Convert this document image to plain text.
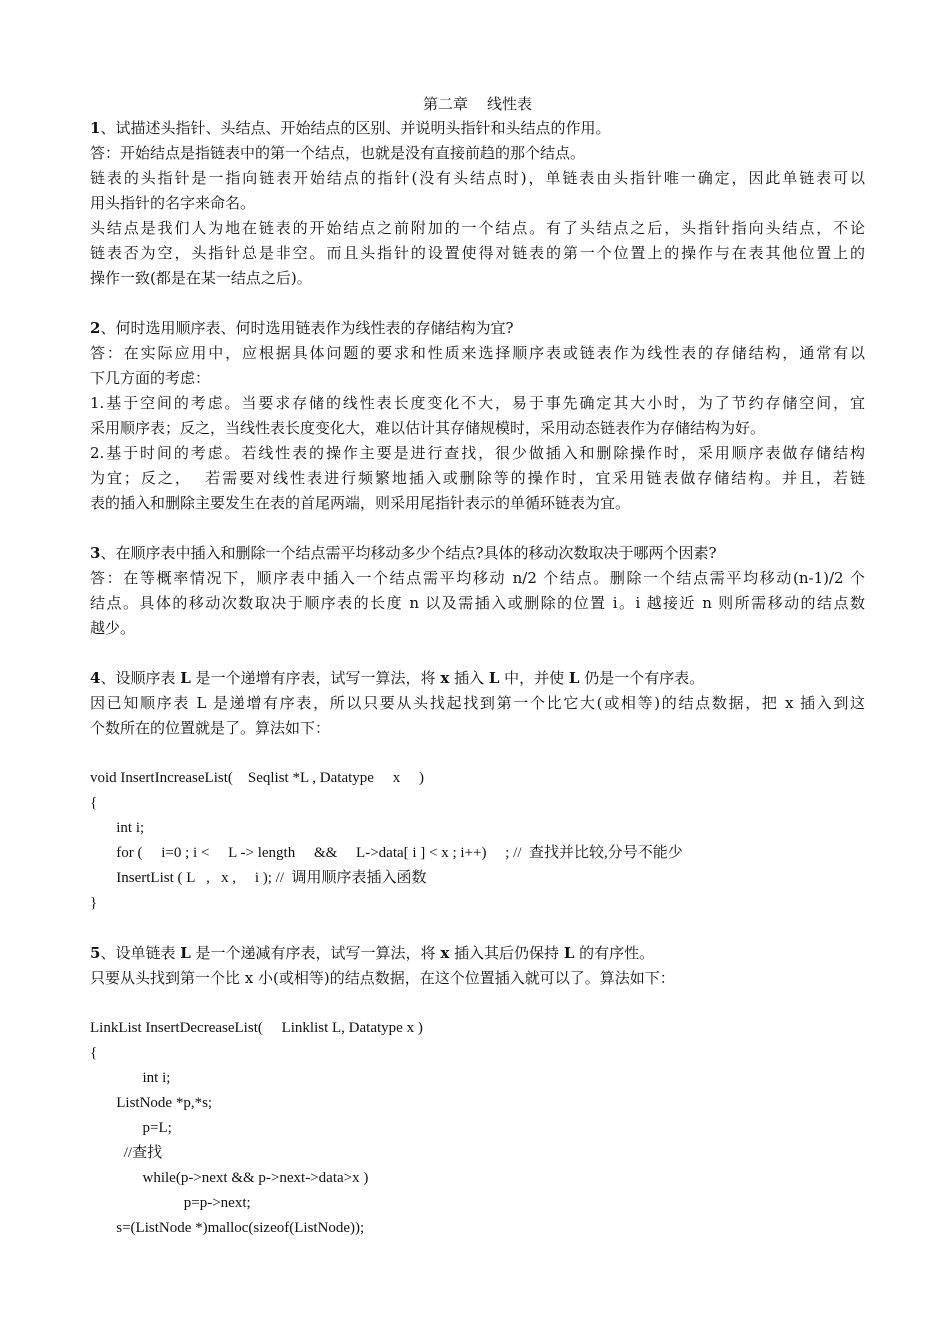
第二章    线性表
1、试描述头指针、头结点、开始结点的区别、并说明头指针和头结点的作用。
答：开始结点是指链表中的第一个结点，也就是没有直接前趋的那个结点。
链表的头指针是一指向链表开始结点的指针(没有头结点时)，单链表由头指针唯一确定，因此单链表可以
用头指针的名字来命名。
头结点是我们人为地在链表的开始结点之前附加的一个结点。有了头结点之后，头指针指向头结点，不论
链表否为空，头指针总是非空。而且头指针的设置使得对链表的第一个位置上的操作与在表其他位置上的
操作一致(都是在某一结点之后)。
2、何时选用顺序表、何时选用链表作为线性表的存储结构为宜?
答：在实际应用中，应根据具体问题的要求和性质来选择顺序表或链表作为线性表的存储结构，通常有以
下几方面的考虑：
1.基于空间的考虑。当要求存储的线性表长度变化不大，易于事先确定其大小时，为了节约存储空间，宜
采用顺序表；反之，当线性表长度变化大，难以估计其存储规模时，采用动态链表作为存储结构为好。
2.基于时间的考虑。若线性表的操作主要是进行查找，很少做插入和删除操作时，采用顺序表做存储结构
为宜；反之，  若需要对线性表进行频繁地插入或删除等的操作时，宜采用链表做存储结构。并且，若链
表的插入和删除主要发生在表的首尾两端，则采用尾指针表示的单循环链表为宜。
3、在顺序表中插入和删除一个结点需平均移动多少个结点?具体的移动次数取决于哪两个因素?
答：在等概率情况下，顺序表中插入一个结点需平均移动 n/2 个结点。删除一个结点需平均移动(n-1)/2 个
结点。具体的移动次数取决于顺序表的长度 n 以及需插入或删除的位置 i。i 越接近 n 则所需移动的结点数
越少。
4、设顺序表 L 是一个递增有序表，试写一算法，将 x 插入 L 中，并使 L 仍是一个有序表。
因已知顺序表 L 是递增有序表，所以只要从头找起找到第一个比它大(或相等)的结点数据，把 x 插入到这
个数所在的位置就是了。算法如下：
void InsertIncreaseList(    Seqlist *L , Datatype     x     )
{
int i;
for (     i=0 ; i <     L -> length     &&     L->data[ i ] < x ; i++)     ; //  查找并比较,分号不能少
InsertList ( L   ,   x ,     i ); //  调用顺序表插入函数
}
5、设单链表 L 是一个递减有序表，试写一算法，将 x 插入其后仍保持 L 的有序性。
只要从头找到第一个比 x 小(或相等)的结点数据，在这个位置插入就可以了。算法如下：
LinkList InsertDecreaseList(     Linklist L, Datatype x )
{
int i;
ListNode *p,*s;
p=L;
//查找
while(p->next && p->next->data>x )
p=p->next;
s=(ListNode *)malloc(sizeof(ListNode));
